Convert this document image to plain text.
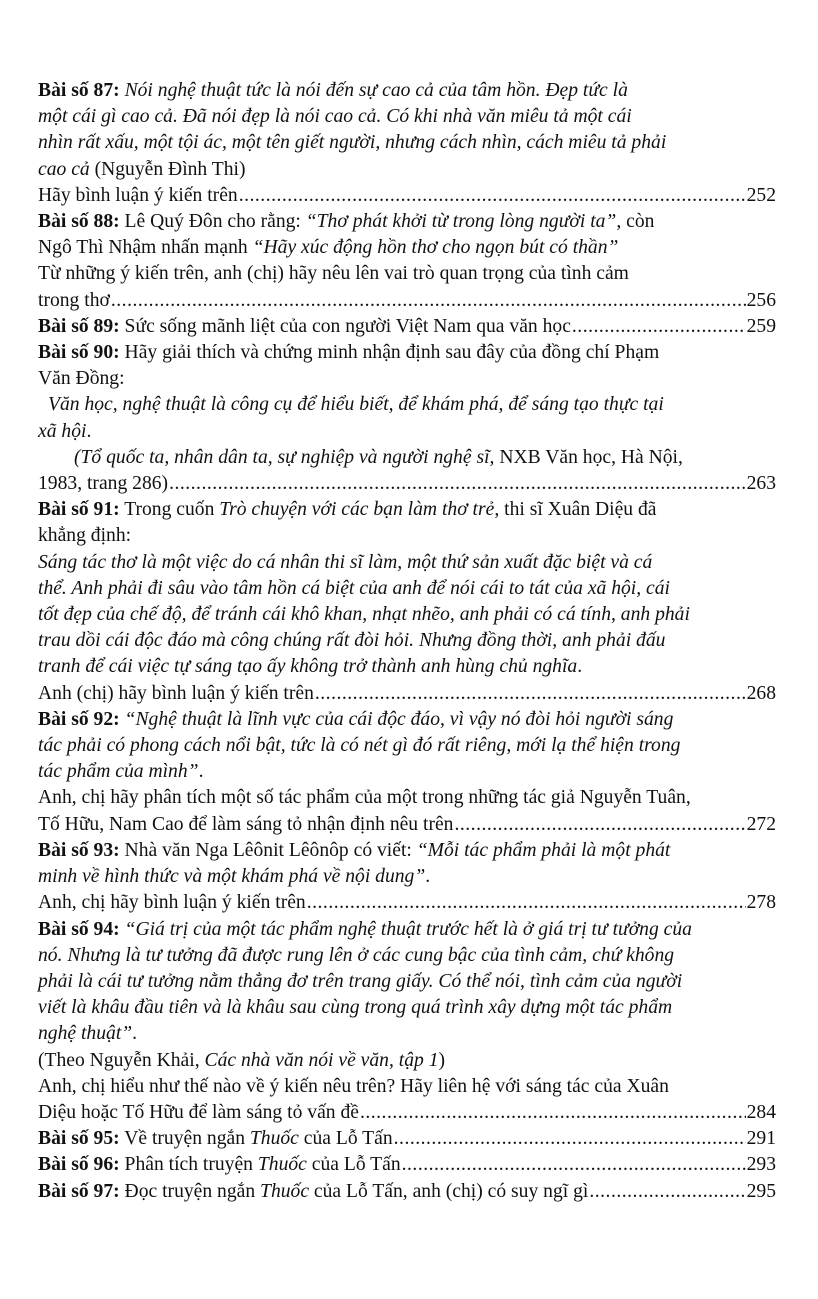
Bài số 87: Nói nghệ thuật tức là nói đến sự cao cả của tâm hồn. Đẹp tức là
một cái gì cao cả. Đã nói đẹp là nói cao cả. Có khi nhà văn miêu tả một cái
nhìn rất xấu, một tội ác, một tên giết người, nhưng cách nhìn, cách miêu tả phải
cao cả (Nguyễn Đình Thi)
Hãy bình luận ý kiến trên .....	252
Bài số 88: Lê Quý Đôn cho rằng: “Thơ phát khởi từ trong lòng người ta”, còn
Ngô Thì Nhậm nhấn mạnh “Hãy xúc động hồn thơ cho ngọn bút có thần”
Từ những ý kiến trên, anh (chị) hãy nêu lên vai trò quan trọng của tình cảm
trong thơ .....	256
Bài số 89: Sức sống mãnh liệt của con người Việt Nam qua văn học .....	259
Bài số 90: Hãy giải thích và chứng minh nhận định sau đây của đồng chí Phạm
Văn Đồng:
Văn học, nghệ thuật là công cụ để hiểu biết, để khám phá, để sáng tạo thực tại
xã hội.
(Tổ quốc ta, nhân dân ta, sự nghiệp và người nghệ sĩ, NXB Văn học, Hà Nội,
1983, trang 286) .....	263
Bài số 91: Trong cuốn Trò chuyện với các bạn làm thơ trẻ, thi sĩ Xuân Diệu đã
khẳng định:
Sáng tác thơ là một việc do cá nhân thi sĩ làm, một thứ sản xuất đặc biệt và cá
thể. Anh phải đi sâu vào tâm hồn cá biệt của anh để nói cái to tát của xã hội, cái
tốt đẹp của chế độ, để tránh cái khô khan, nhạt nhẽo, anh phải có cá tính, anh phải
trau dồi cái độc đáo mà công chúng rất đòi hỏi. Nhưng đồng thời, anh phải đấu
tranh để cái việc tự sáng tạo ấy không trở thành anh hùng chủ nghĩa.
Anh (chị) hãy bình luận ý kiến trên .....	268
Bài số 92: “Nghệ thuật là lĩnh vực của cái độc đáo, vì vậy nó đòi hỏi người sáng
tác phải có phong cách nổi bật, tức là có nét gì đó rất riêng, mới lạ thể hiện trong
tác phẩm của mình”.
Anh, chị hãy phân tích một số tác phẩm của một trong những tác giả Nguyễn Tuân,
Tố Hữu, Nam Cao để làm sáng tỏ nhận định nêu trên .....	272
Bài số 93: Nhà văn Nga Lêônit Lêônôp có viết: “Mỗi tác phẩm phải là một phát
minh về hình thức và một khám phá về nội dung”.
Anh, chị hãy bình luận ý kiến trên .....	278
Bài số 94: “Giá trị của một tác phẩm nghệ thuật trước hết là ở giá trị tư tưởng của
nó. Nhưng là tư tưởng đã được rung lên ở các cung bậc của tình cảm, chứ không
phải là cái tư tưởng nằm thẳng đơ trên trang giấy. Có thể nói, tình cảm của người
viết là khâu đầu tiên và là khâu sau cùng trong quá trình xây dựng một tác phẩm
nghệ thuật”.
(Theo Nguyễn Khải, Các nhà văn nói về văn, tập 1)
Anh, chị hiểu như thế nào về ý kiến nêu trên? Hãy liên hệ với sáng tác của Xuân
Diệu hoặc Tố Hữu để làm sáng tỏ vấn đề .....	284
Bài số 95: Về truyện ngắn Thuốc của Lỗ Tấn .....	291
Bài số 96: Phân tích truyện Thuốc của Lỗ Tấn .....	293
Bài số 97: Đọc truyện ngắn Thuốc của Lỗ Tấn, anh (chị) có suy ngĩ gì .....	295
